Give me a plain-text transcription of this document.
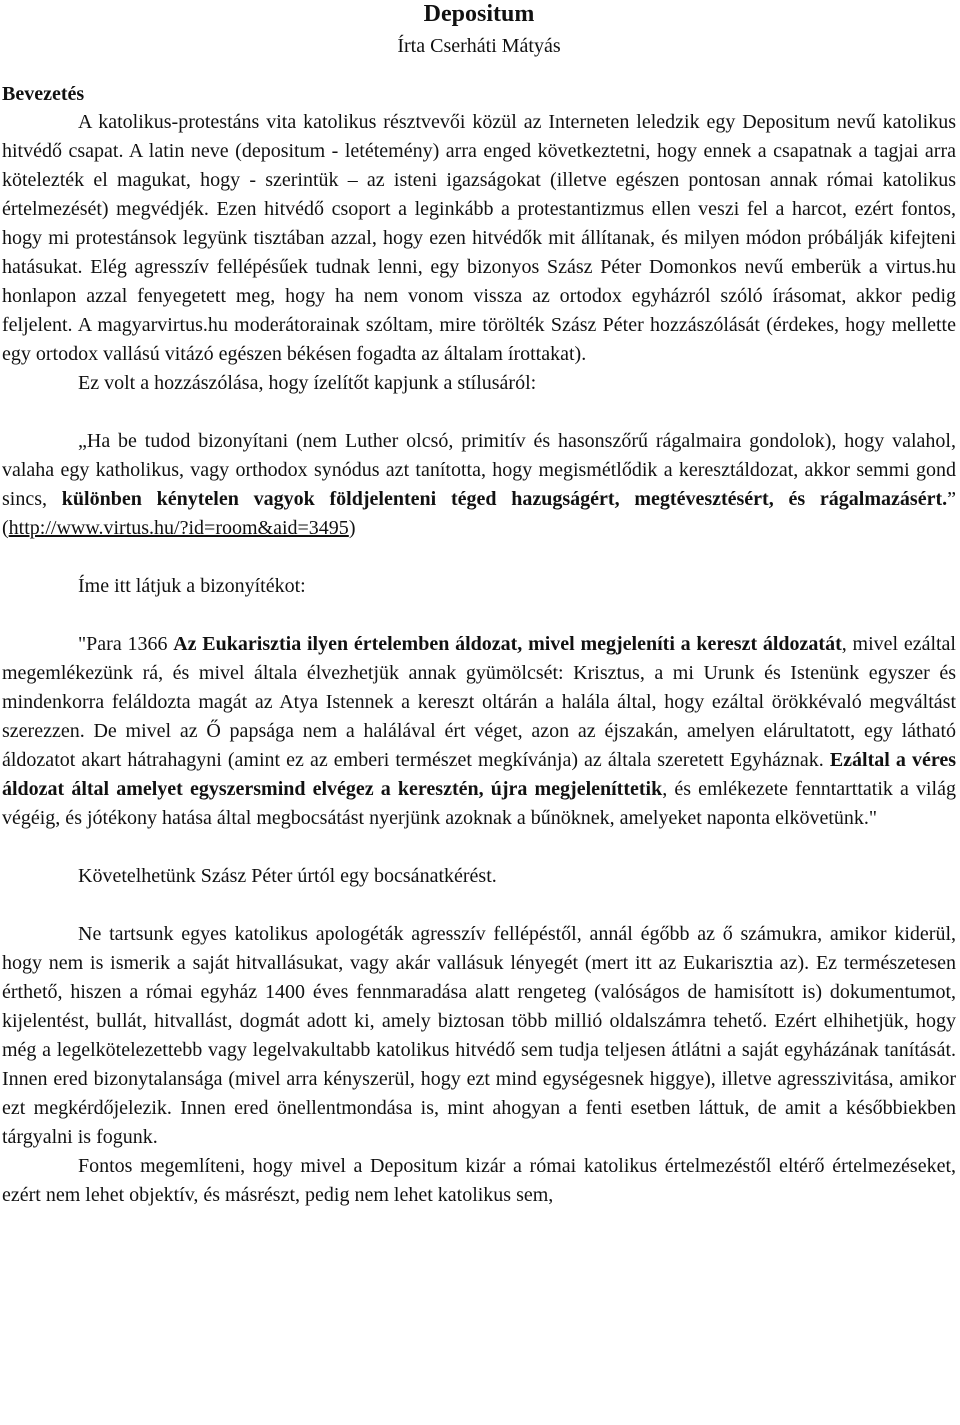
Depositum
Írta Cserháti Mátyás
Bevezetés

A katolikus-protestáns vita katolikus résztvevői közül az Interneten leledzik egy Depositum nevű katolikus hitvédő csapat. A latin neve (depositum - letétemény) arra enged következtetni, hogy ennek a csapatnak a tagjai arra kötelezték el magukat, hogy - szerintük – az isteni igazságokat (illetve egészen pontosan annak római katolikus értelmezését) megvédjék. Ezen hitvédő csoport a leginkább a protestantizmus ellen veszi fel a harcot, ezért fontos, hogy mi protestánsok legyünk tisztában azzal, hogy ezen hitvédők mit állítanak, és milyen módon próbálják kifejteni hatásukat. Elég agresszív fellépésűek tudnak lenni, egy bizonyos Szász Péter Domonkos nevű emberük a virtus.hu honlapon azzal fenyegetett meg, hogy ha nem vonom vissza az ortodox egyházról szóló írásomat, akkor pedig feljelent. A magyarvirtus.hu moderátorainak szóltam, mire törölték Szász Péter hozzászólását (érdekes, hogy mellette egy ortodox vallású vitázó egészen békésen fogadta az általam írottakat).

Ez volt a hozzászólása, hogy ízelítőt kapjunk a stílusáról:

„Ha be tudod bizonyítani (nem Luther olcsó, primitív és hasonszőrű rágalmaira gondolok), hogy valahol, valaha egy katholikus, vagy orthodox synódus azt tanította, hogy megismétlődik a keresztáldozat, akkor semmi gond sincs, különben kénytelen vagyok földjelenteni téged hazugságért, megtévesztésért, és rágalmazásért.” (http://www.virtus.hu/?id=room&aid=3495)

Íme itt látjuk a bizonyítékot:

"Para 1366 Az Eukarisztia ilyen értelemben áldozat, mivel megjeleníti a kereszt áldozatát, mivel ezáltal megemlékezünk rá, és mivel általa élvezhetjük annak gyümölcsét: Krisztus, a mi Urunk és Istenünk egyszer és mindenkorra feláldozta magát az Atya Istennek a kereszt oltárán a halála által, hogy ezáltal örökkévaló megváltást szerezzen. De mivel az Ő papsága nem a halálával ért véget, azon az éjszakán, amelyen elárultatott, egy látható áldozatot akart hátrahagyni (amint ez az emberi természet megkívánja) az általa szeretett Egyháznak. Ezáltal a véres áldozat által amelyet egyszersmind elvégez a keresztén, újra megjeleníttetik, és emlékezete fenntarttatik a világ végéig, és jótékony hatása által megbocsátást nyerjünk azoknak a bűnöknek, amelyeket naponta elkövetünk."

Követelhetünk Szász Péter úrtól egy bocsánatkérést.

Ne tartsunk egyes katolikus apologéták agresszív fellépéstől, annál égőbb az ő számukra, amikor kiderül, hogy nem is ismerik a saját hitvallásukat, vagy akár vallásuk lényegét (mert itt az Eukarisztia az). Ez természetesen érthető, hiszen a római egyház 1400 éves fennmaradása alatt rengeteg (valóságos de hamisított is) dokumentumot, kijelentést, bullát, hitvallást, dogmát adott ki, amely biztosan több millió oldalszámra tehető. Ezért elhihetjük, hogy még a legelkötelezettebb vagy legelvakultabb katolikus hitvédő sem tudja teljesen átlátni a saját egyházának tanítását. Innen ered bizonytalansága (mivel arra kényszerül, hogy ezt mind egységesnek higgye), illetve agresszivitása, amikor ezt megkérdőjelezik. Innen ered önellentmondása is, mint ahogyan a fenti esetben láttuk, de amit a későbbiekben tárgyalni is fogunk.

Fontos megemlíteni, hogy mivel a Depositum kizár a római katolikus értelmezéstől eltérő értelmezéseket, ezért nem lehet objektív, és másrészt, pedig nem lehet katolikus sem,
